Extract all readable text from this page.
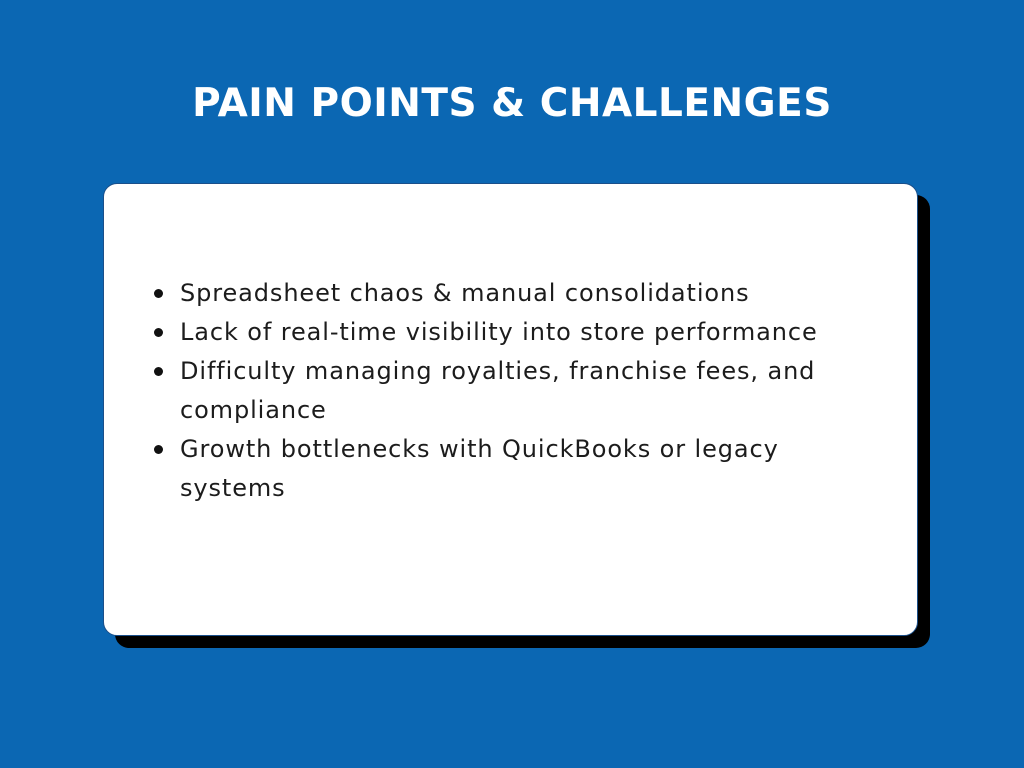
PAIN POINTS & CHALLENGES
Spreadsheet chaos & manual consolidations
Lack of real-time visibility into store performance
Difficulty managing royalties, franchise fees, and compliance
Growth bottlenecks with QuickBooks or legacy systems
